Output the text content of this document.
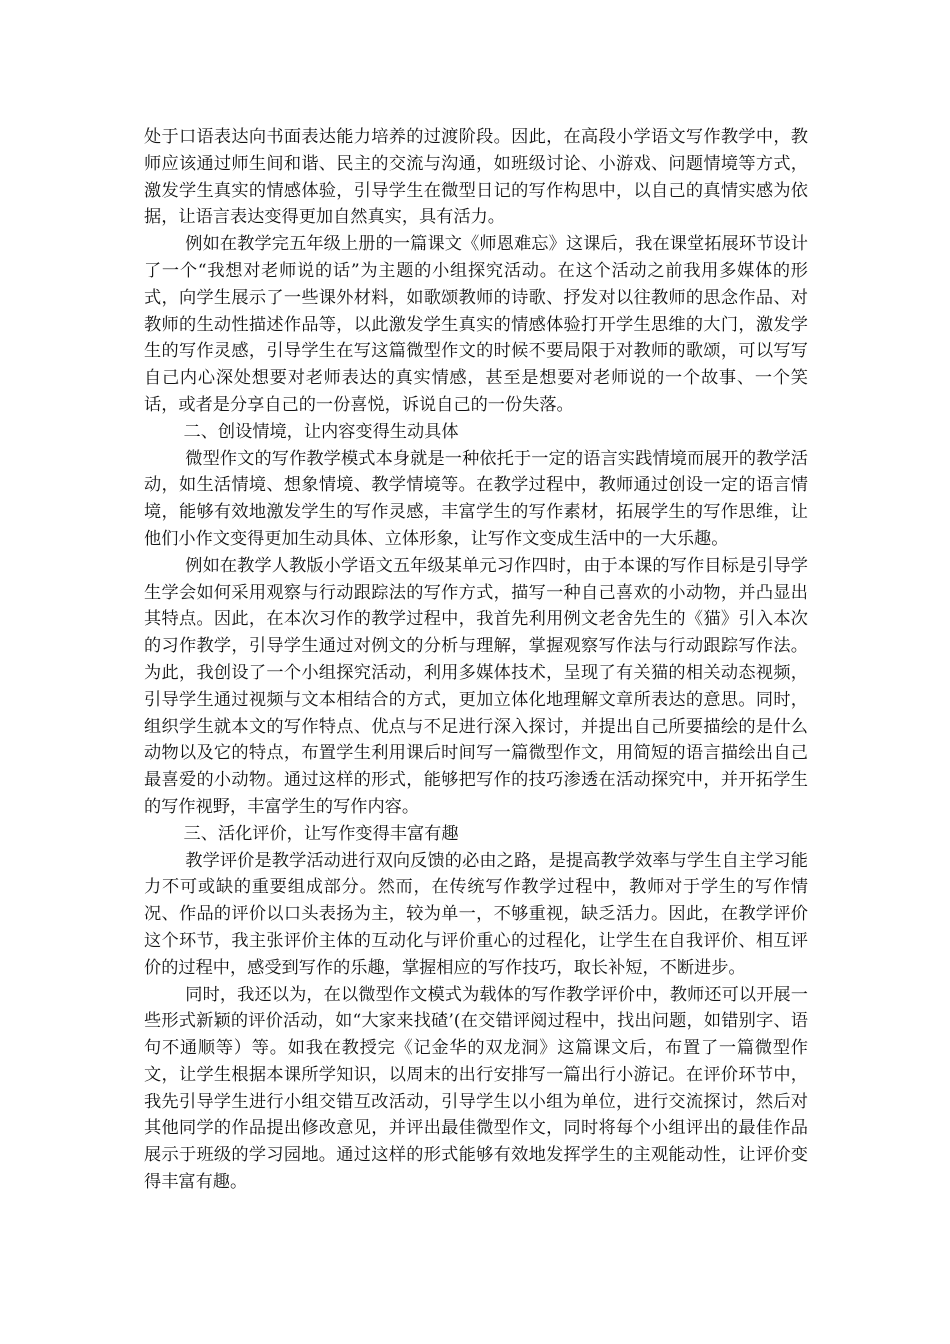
处于口语表达向书面表达能力培养的过渡阶段。因此，在高段小学语文写作教学中，教师应该通过师生间和谐、民主的交流与沟通，如班级讨论、小游戏、问题情境等方式，激发学生真实的情感体验，引导学生在微型日记的写作构思中，以自己的真情实感为依据，让语言表达变得更加自然真实，具有活力。

例如在教学完五年级上册的一篇课文《师恩难忘》这课后，我在课堂拓展环节设计了一个“我想对老师说的话”为主题的小组探究活动。在这个活动之前我用多媒体的形式，向学生展示了一些课外材料，如歌颂教师的诗歌、抒发对以往教师的思念作品、对教师的生动性描述作品等，以此激发学生真实的情感体验打开学生思维的大门，激发学生的写作灵感，引导学生在写这篇微型作文的时候不要局限于对教师的歌颂，可以写写自己内心深处想要对老师表达的真实情感，甚至是想要对老师说的一个故事、一个笑话，或者是分享自己的一份喜悦，诉说自己的一份失落。

二、创设情境，让内容变得生动具体

微型作文的写作教学模式本身就是一种依托于一定的语言实践情境而展开的教学活动，如生活情境、想象情境、教学情境等。在教学过程中，教师通过创设一定的语言情境，能够有效地激发学生的写作灵感，丰富学生的写作素材，拓展学生的写作思维，让他们小作文变得更加生动具体、立体形象，让写作文变成生活中的一大乐趣。

例如在教学人教版小学语文五年级某单元习作四时，由于本课的写作目标是引导学生学会如何采用观察与行动跟踪法的写作方式，描写一种自己喜欢的小动物，并凸显出其特点。因此，在本次习作的教学过程中，我首先利用例文老舍先生的《猫》引入本次的习作教学，引导学生通过对例文的分析与理解，掌握观察写作法与行动跟踪写作法。为此，我创设了一个小组探究活动，利用多媒体技术，呈现了有关猫的相关动态视频，引导学生通过视频与文本相结合的方式，更加立体化地理解文章所表达的意思。同时，组织学生就本文的写作特点、优点与不足进行深入探讨，并提出自己所要描绘的是什么动物以及它的特点，布置学生利用课后时间写一篇微型作文，用简短的语言描绘出自己最喜爱的小动物。通过这样的形式，能够把写作的技巧渗透在活动探究中，并开拓学生的写作视野，丰富学生的写作内容。

三、活化评价，让写作变得丰富有趣

教学评价是教学活动进行双向反馈的必由之路，是提高教学效率与学生自主学习能力不可或缺的重要组成部分。然而，在传统写作教学过程中，教师对于学生的写作情况、作品的评价以口头表扬为主，较为单一，不够重视，缺乏活力。因此，在教学评价这个环节，我主张评价主体的互动化与评价重心的过程化，让学生在自我评价、相互评价的过程中，感受到写作的乐趣，掌握相应的写作技巧，取长补短，不断进步。

同时，我还以为，在以微型作文模式为载体的写作教学评价中，教师还可以开展一些形式新颖的评价活动，如“大家来找碴’(在交错评阅过程中，找出问题，如错别字、语句不通顺等）等。如我在教授完《记金华的双龙洞》这篇课文后，布置了一篇微型作文，让学生根据本课所学知识，以周末的出行安排写一篇出行小游记。在评价环节中，我先引导学生进行小组交错互改活动，引导学生以小组为单位，进行交流探讨，然后对其他同学的作品提出修改意见，并评出最佳微型作文，同时将每个小组评出的最佳作品展示于班级的学习园地。通过这样的形式能够有效地发挥学生的主观能动性，让评价变得丰富有趣。
